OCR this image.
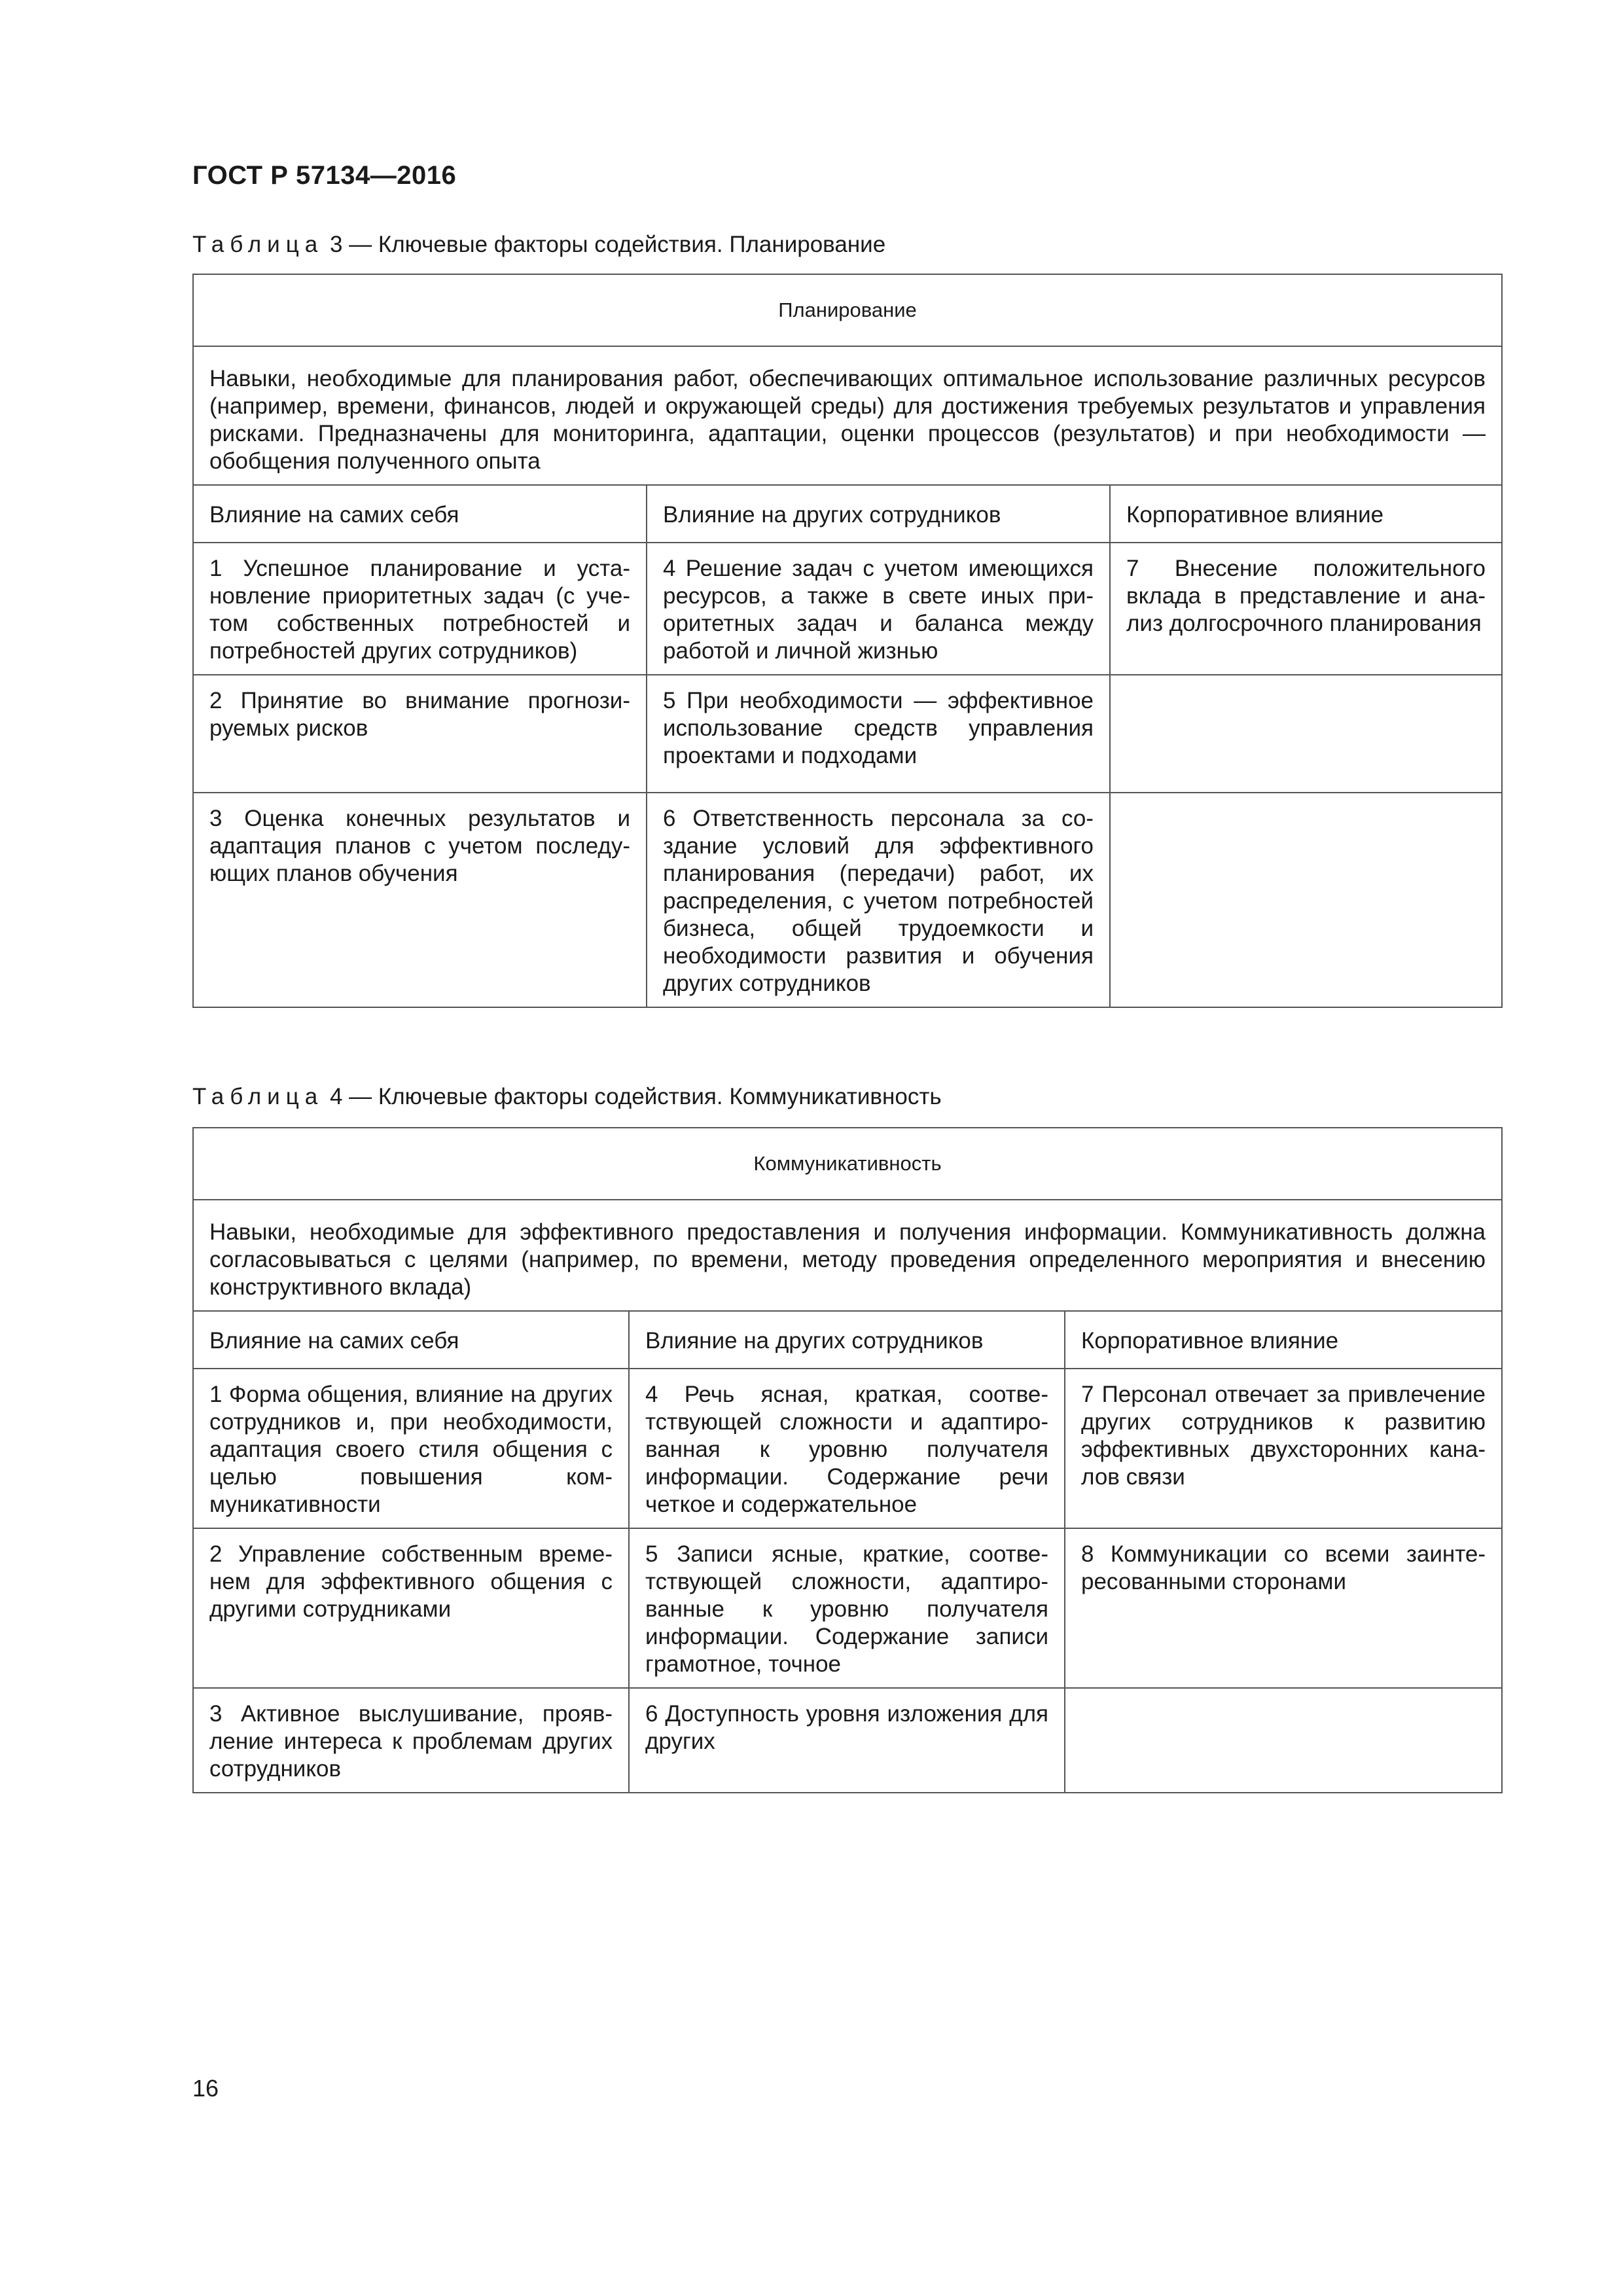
ГОСТ Р 57134—2016
Таблица 3 — Ключевые факторы содействия. Планирование
Планирование		
Навыки, необходимые для планирования работ, обеспечивающих оптимальное использование различных ресурсов (например, времени, финансов, людей и окружающей среды) для достижения требуемых результатов и управления рисками. Предназначены для мониторинга, адаптации, оценки процессов (результатов) и при необходимости — обобщения полученного опыта		
Влияние на самих себя	Влияние на других сотрудников	Корпоративное влияние
1 Успешное планирование и установление приоритетных задач (с учетом собственных потребностей и потребностей других сотрудников)	4 Решение задач с учетом имеющихся ресурсов, а также в свете иных приоритетных задач и баланса между работой и личной жизнью	7 Внесение положительного вклада в представление и анализ долгосрочного планирования
2 Принятие во внимание прогнозируемых рисков	5 При необходимости — эффективное использование средств управления проектами и подходами	
3 Оценка конечных результатов и адаптация планов с учетом последующих планов обучения	6 Ответственность персонала за создание условий для эффективного планирования (передачи) работ, их распределения, с учетом потребностей бизнеса, общей трудоемкости и необходимости развития и обучения других сотрудников	
Таблица 4 — Ключевые факторы содействия. Коммуникативность
Коммуникативность		
Навыки, необходимые для эффективного предоставления и получения информации. Коммуникативность должна согласовываться с целями (например, по времени, методу проведения определенного мероприятия и внесению конструктивного вклада)		
Влияние на самих себя	Влияние на других сотрудников	Корпоративное влияние
1 Форма общения, влияние на других сотрудников и, при необходимости, адаптация своего стиля общения с целью повышения коммуникативности	4 Речь ясная, краткая, соответствующей сложности и адаптированная к уровню получателя информации. Содержание речи четкое и содержательное	7 Персонал отвечает за привлечение других сотрудников к развитию эффективных двухсторонних каналов связи
2 Управление собственным временем для эффективного общения с другими сотрудниками	5 Записи ясные, краткие, соответствующей сложности, адаптированные к уровню получателя информации. Содержание записи грамотное, точное	8 Коммуникации со всеми заинтересованными сторонами
3 Активное выслушивание, проявление интереса к проблемам других сотрудников	6 Доступность уровня изложения для других	
16
